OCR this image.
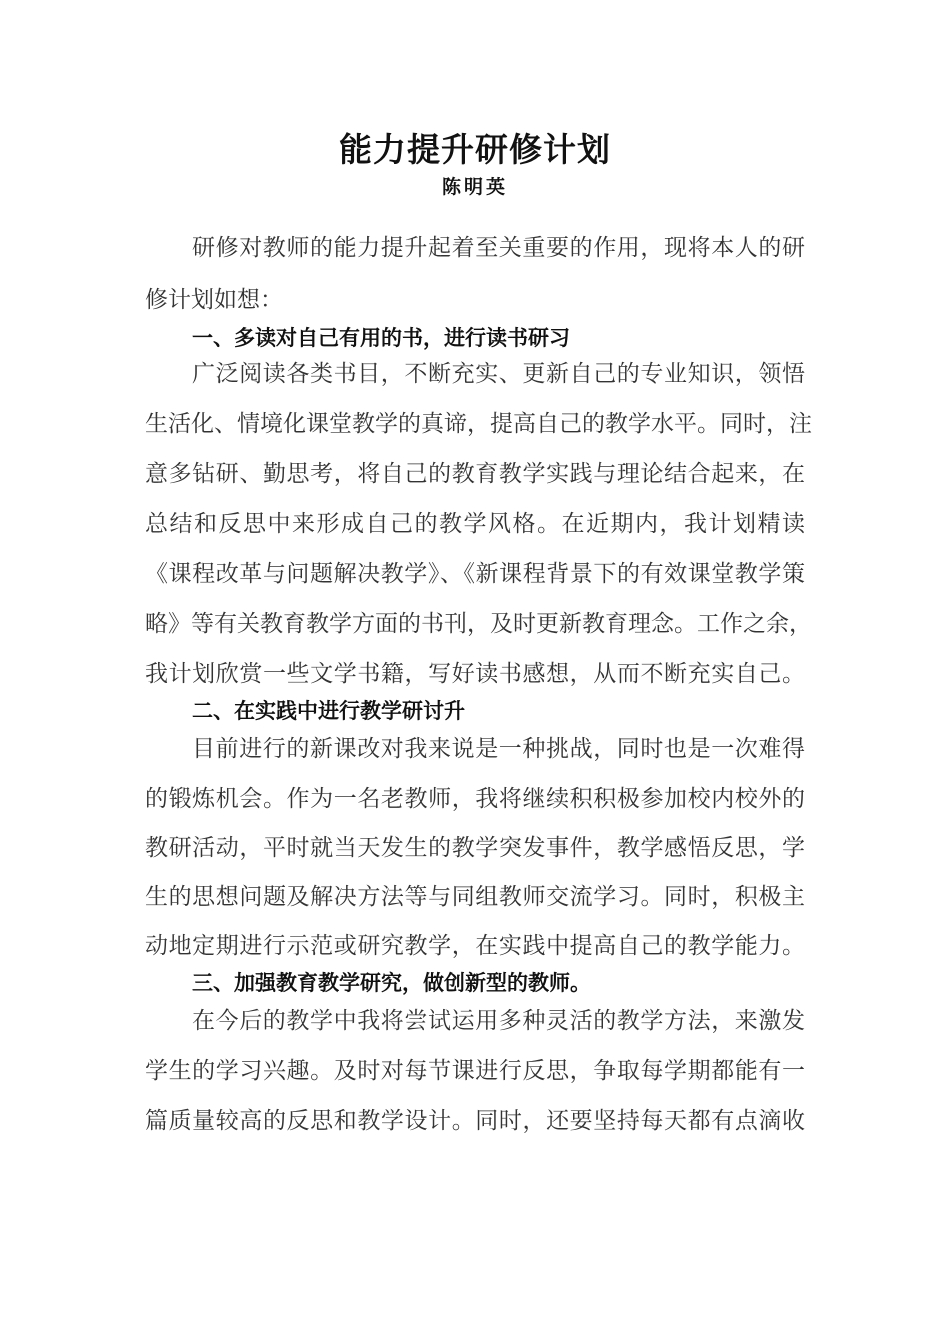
能力提升研修计划
陈明英
研修对教师的能力提升起着至关重要的作用，现将本人的研
修计划如想：
一、多读对自己有用的书，进行读书研习
广泛阅读各类书目，不断充实、更新自己的专业知识，领悟
生活化、情境化课堂教学的真谛，提高自己的教学水平。同时，注
意多钻研、勤思考，将自己的教育教学实践与理论结合起来，在
总结和反思中来形成自己的教学风格。在近期内，我计划精读
《课程改革与问题解决教学》、《新课程背景下的有效课堂教学策
略》等有关教育教学方面的书刊，及时更新教育理念。工作之余，
我计划欣赏一些文学书籍，写好读书感想，从而不断充实自己。
二、在实践中进行教学研讨升
目前进行的新课改对我来说是一种挑战，同时也是一次难得
的锻炼机会。作为一名老教师，我将继续积积极参加校内校外的
教研活动，平时就当天发生的教学突发事件，教学感悟反思，学
生的思想问题及解决方法等与同组教师交流学习。同时，积极主
动地定期进行示范或研究教学，在实践中提高自己的教学能力。
三、加强教育教学研究，做创新型的教师。
在今后的教学中我将尝试运用多种灵活的教学方法，来激发
学生的学习兴趣。及时对每节课进行反思，争取每学期都能有一
篇质量较高的反思和教学设计。同时，还要坚持每天都有点滴收
